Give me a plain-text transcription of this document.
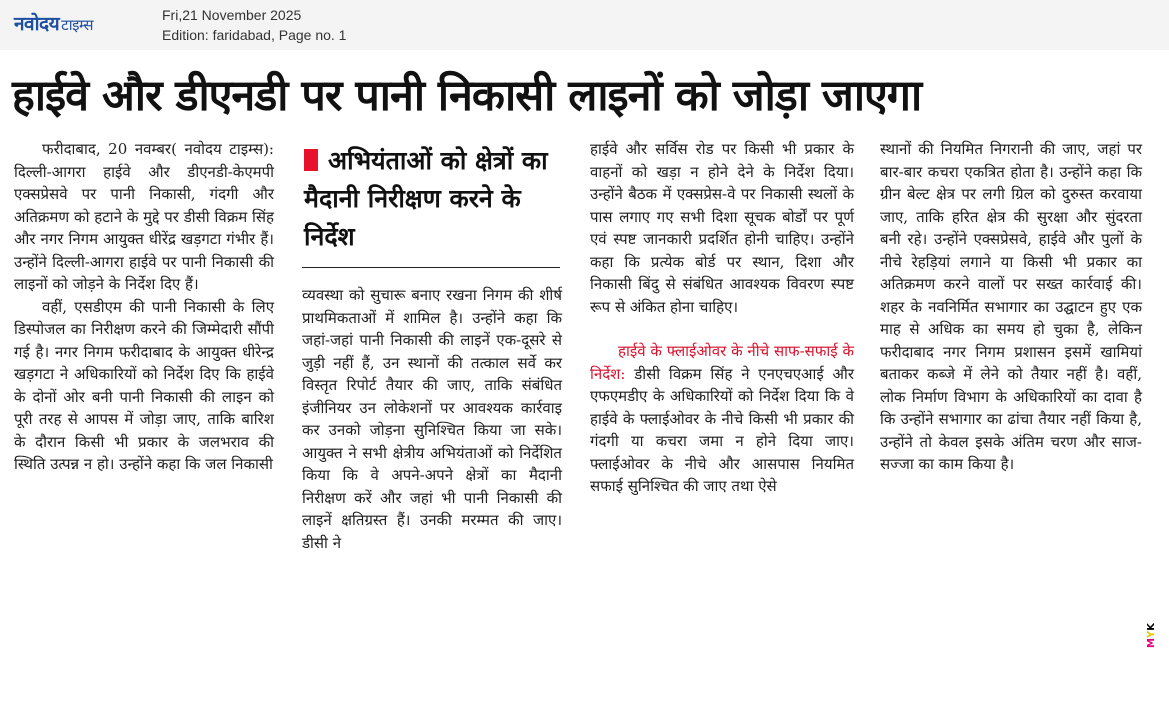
नवोदय टाइम्स
Fri,21 November 2025
Edition: faridabad, Page no. 1
हाईवे और डीएनडी पर पानी निकासी लाइनों को जोड़ा जाएगा

फरीदाबाद, 20 नवम्बर( नवोदय टाइम्स): दिल्ली-आगरा हाईवे और डीएनडी-केएमपी एक्सप्रेसवे पर पानी निकासी, गंदगी और अतिक्रमण को हटाने के मुद्दे पर डीसी विक्रम सिंह और नगर निगम आयुक्त धीरेंद्र खड़गटा गंभीर हैं। उन्होंने दिल्ली-आगरा हाईवे पर पानी निकासी की लाइनों को जोड़ने के निर्देश दिए हैं।

वहीं, एसडीएम की पानी निकासी के लिए डिस्पोजल का निरीक्षण करने की जिम्मेदारी सौंपी गई है। नगर निगम फरीदाबाद के आयुक्त धीरेन्द्र खड़गटा ने अधिकारियों को निर्देश दिए कि हाईवे के दोनों ओर बनी पानी निकासी की लाइन को पूरी तरह से आपस में जोड़ा जाए, ताकि बारिश के दौरान किसी भी प्रकार के जलभराव की स्थिति उत्पन्न न हो। उन्होंने कहा कि जल निकासी

अभियंताओं को क्षेत्रों का मैदानी निरीक्षण करने के निर्देश

व्यवस्था को सुचारू बनाए रखना निगम की शीर्ष प्राथमिकताओं में शामिल है। उन्होंने कहा कि जहां-जहां पानी निकासी की लाइनें एक-दूसरे से जुड़ी नहीं हैं, उन स्थानों की तत्काल सर्वे कर विस्तृत रिपोर्ट तैयार की जाए, ताकि संबंधित इंजीनियर उन लोकेशनों पर आवश्यक कार्रवाइ कर उनको जोड़ना सुनिश्चित किया जा सके। आयुक्त ने सभी क्षेत्रीय अभियंताओं को निर्देशित किया कि वे अपने-अपने क्षेत्रों का मैदानी निरीक्षण करें और जहां भी पानी निकासी की लाइनें क्षतिग्रस्त हैं। उनकी मरम्मत की जाए। डीसी ने

हाईवे और सर्विस रोड पर किसी भी प्रकार के वाहनों को खड़ा न होने देने के निर्देश दिया। उन्होंने बैठक में एक्सप्रेस-वे पर निकासी स्थलों के पास लगाए गए सभी दिशा सूचक बोर्डों पर पूर्ण एवं स्पष्ट जानकारी प्रदर्शित होनी चाहिए। उन्होंने कहा कि प्रत्येक बोर्ड पर स्थान, दिशा और निकासी बिंदु से संबंधित आवश्यक विवरण स्पष्ट रूप से अंकित होना चाहिए।

हाईवे के फ्लाईओवर के नीचे साफ-सफाई के निर्देश: डीसी विक्रम सिंह ने एनएचएआई और एफएमडीए के अधिकारियों को निर्देश दिया कि वे हाईवे के फ्लाईओवर के नीचे किसी भी प्रकार की गंदगी या कचरा जमा न होने दिया जाए। फ्लाईओवर के नीचे और आसपास नियमित सफाई सुनिश्चित की जाए तथा ऐसे

स्थानों की नियमित निगरानी की जाए, जहां पर बार-बार कचरा एकत्रित होता है। उन्होंने कहा कि ग्रीन बेल्ट क्षेत्र पर लगी ग्रिल को दुरुस्त करवाया जाए, ताकि हरित क्षेत्र की सुरक्षा और सुंदरता बनी रहे। उन्होंने एक्सप्रेसवे, हाईवे और पुलों के नीचे रेहड़ियां लगाने या किसी भी प्रकार का अतिक्रमण करने वालों पर सख्त कार्रवाई की।शहर के नवनिर्मित सभागार का उद्घाटन हुए एक माह से अधिक का समय हो चुका है, लेकिन फरीदाबाद नगर निगम प्रशासन इसमें खामियां बताकर कब्जे में लेने को तैयार नहीं है। वहीं, लोक निर्माण विभाग के अधिकारियों का दावा है कि उन्होंने सभागार का ढांचा तैयार नहीं किया है, उन्होंने तो केवल इसके अंतिम चरण और साज-सज्जा का काम किया है।

MYK
